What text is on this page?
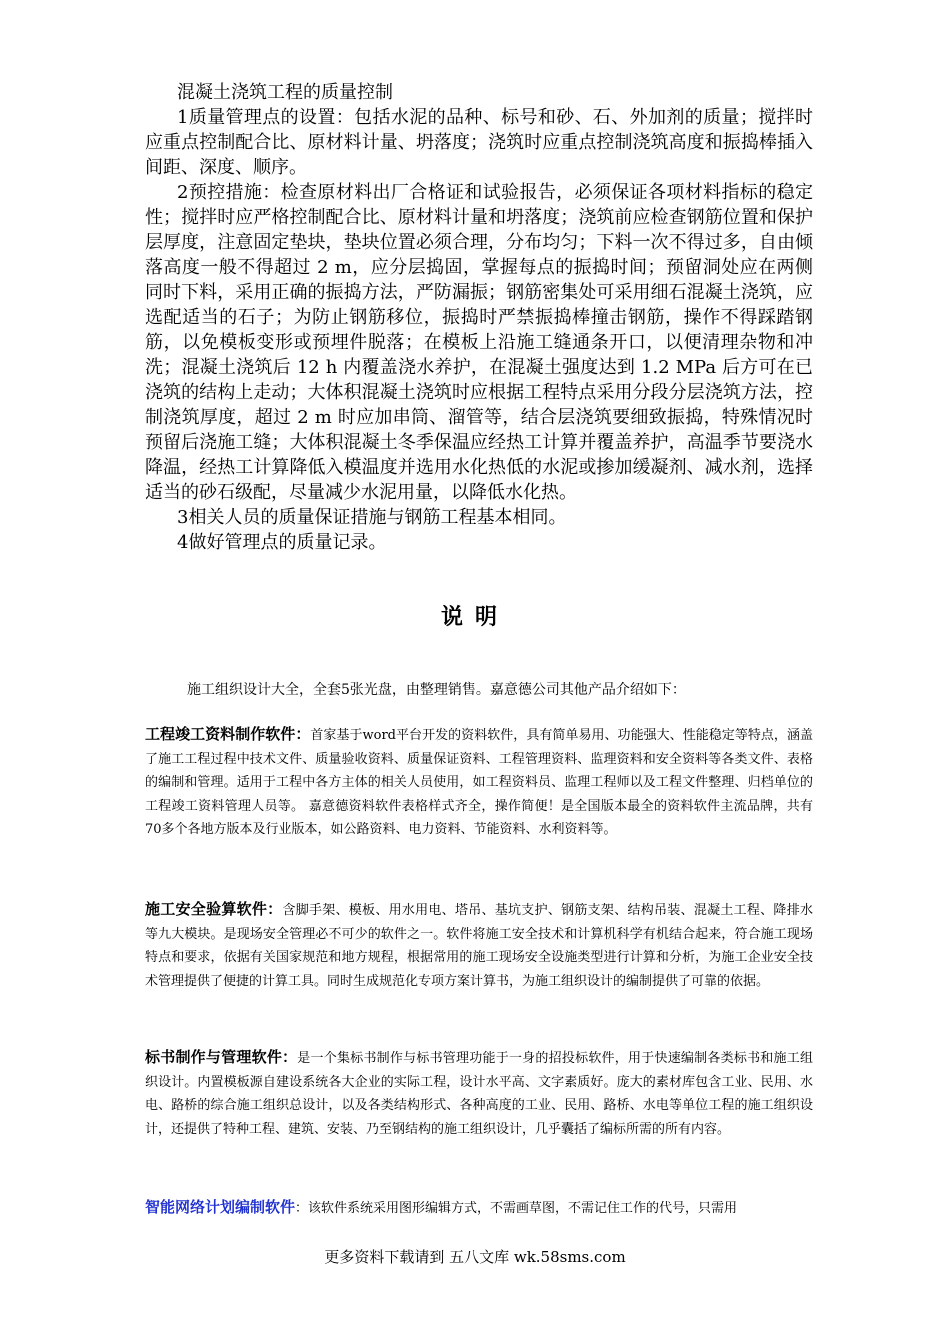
混凝土浇筑工程的质量控制

1质量管理点的设置：包括水泥的品种、标号和砂、石、外加剂的质量；搅拌时应重点控制配合比、原材料计量、坍落度；浇筑时应重点控制浇筑高度和振捣棒插入间距、深度、顺序。

2预控措施：检查原材料出厂合格证和试验报告，必须保证各项材料指标的稳定性；搅拌时应严格控制配合比、原材料计量和坍落度；浇筑前应检查钢筋位置和保护层厚度，注意固定垫块，垫块位置必须合理，分布均匀；下料一次不得过多，自由倾落高度一般不得超过 2 m，应分层捣固，掌握每点的振捣时间；预留洞处应在两侧同时下料，采用正确的振捣方法，严防漏振；钢筋密集处可采用细石混凝土浇筑，应选配适当的石子；为防止钢筋移位，振捣时严禁振捣棒撞击钢筋，操作不得踩踏钢筋，以免模板变形或预埋件脱落；在模板上沿施工缝通条开口，以便清理杂物和冲洗；混凝土浇筑后 12 h 内覆盖浇水养护，在混凝土强度达到 1.2 MPa 后方可在已浇筑的结构上走动；大体积混凝土浇筑时应根据工程特点采用分段分层浇筑方法，控制浇筑厚度，超过 2 m 时应加串筒、溜管等，结合层浇筑要细致振捣，特殊情况时预留后浇施工缝；大体积混凝土冬季保温应经热工计算并覆盖养护，高温季节要浇水降温，经热工计算降低入模温度并选用水化热低的水泥或掺加缓凝剂、减水剂，选择适当的砂石级配，尽量减少水泥用量，以降低水化热。

3相关人员的质量保证措施与钢筋工程基本相同。

4做好管理点的质量记录。

说明
施工组织设计大全，全套5张光盘，由整理销售。嘉意德公司其他产品介绍如下：
工程竣工资料制作软件：首家基于word平台开发的资料软件，具有简单易用、功能强大、性能稳定等特点，涵盖了施工工程过程中技术文件、质量验收资料、质量保证资料、工程管理资料、监理资料和安全资料等各类文件、表格的编制和管理。适用于工程中各方主体的相关人员使用，如工程资料员、监理工程师以及工程文件整理、归档单位的工程竣工资料管理人员等。 嘉意德资料软件表格样式齐全，操作简便！是全国版本最全的资料软件主流品牌，共有70多个各地方版本及行业版本，如公路资料、电力资料、节能资料、水利资料等。
施工安全验算软件：含脚手架、模板、用水用电、塔吊、基坑支护、钢筋支架、结构吊装、混凝土工程、降排水等九大模块。是现场安全管理必不可少的软件之一。软件将施工安全技术和计算机科学有机结合起来，符合施工现场特点和要求，依据有关国家规范和地方规程，根据常用的施工现场安全设施类型进行计算和分析，为施工企业安全技术管理提供了便捷的计算工具。同时生成规范化专项方案计算书，为施工组织设计的编制提供了可靠的依据。
标书制作与管理软件：是一个集标书制作与标书管理功能于一身的招投标软件，用于快速编制各类标书和施工组织设计。内置模板源自建设系统各大企业的实际工程，设计水平高、文字素质好。庞大的素材库包含工业、民用、水电、路桥的综合施工组织总设计，以及各类结构形式、各种高度的工业、民用、路桥、水电等单位工程的施工组织设计，还提供了特种工程、建筑、安装、乃至钢结构的施工组织设计，几乎囊括了编标所需的所有内容。
智能网络计划编制软件：该软件系统采用图形编辑方式，不需画草图，不需记住工作的代号，只需用
更多资料下载请到 五八文库 wk.58sms.com
